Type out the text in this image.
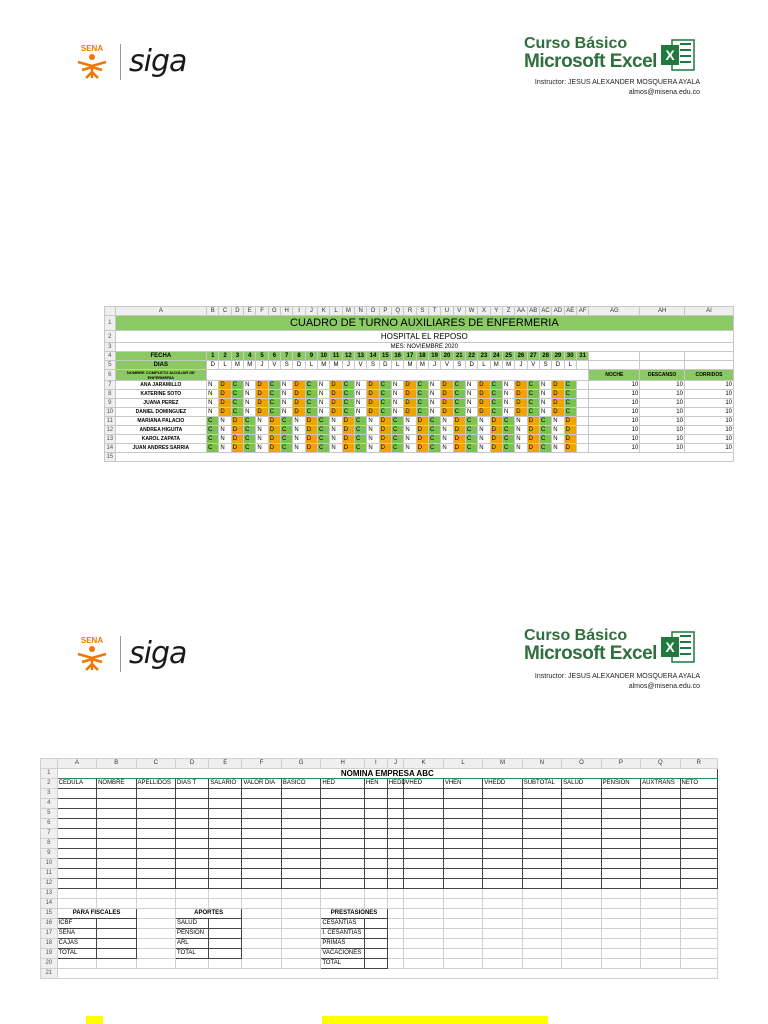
SENA siga
Curso Básico
Microsoft Excel X
Instructor: JESUS ALEXANDER MOSQUERA AYALA
almos@misena.edu.co
	A	B	C	D	E	F	G	H	I	J	K	L	M	N	O	P	Q	R	S	T	U	V	W	X	Y	Z	AA	AB	AC	AD	AE	AF	AG	AH	AI
1	CUADRO DE TURNO AUXILIARES DE ENFERMERIA																																		
2	HOSPITAL EL REPOSO																																		
3	MES: NOVIEMBRE 2020																																		
4	FECHA	1	2	3	4	5	6	7	8	9	10	11	12	13	14	15	16	17	18	19	20	21	22	23	24	25	26	27	28	29	30	31			
5	DIAS	D	L	M	M	J	V	S	D	L	M	M	J	V	S	D	L	M	M	J	V	S	D	L	M	M	J	V	S	D	L				
6	NOMBRE COMPLETO AUXILIAR DE ENFERMERIA																																NOCHE	DESCANSO	CORRIDOS
7	ANA JARAMILLO	N	D	C	N	D	C	N	D	C	N	D	C	N	D	C	N	D	C	N	D	C	N	D	C	N	D	C	N	D	C		10	10	10
8	KATERINE SOTO	N	D	C	N	D	C	N	D	C	N	D	C	N	D	C	N	D	C	N	D	C	N	D	C	N	D	C	N	D	C		10	10	10
9	JUANA PEREZ	N	D	C	N	D	C	N	D	C	N	D	C	N	D	C	N	D	C	N	D	C	N	D	C	N	D	C	N	D	C		10	10	10
10	DANIEL DOMINGUEZ	N	D	C	N	D	C	N	D	C	N	D	C	N	D	C	N	D	C	N	D	C	N	D	C	N	D	C	N	D	C		10	10	10
11	MARIANA PALACIO	C	N	D	C	N	D	C	N	D	C	N	D	C	N	D	C	N	D	C	N	D	C	N	D	C	N	D	C	N	D		10	10	10
12	ANDREA HIGUITA	C	N	D	C	N	D	C	N	D	C	N	D	C	N	D	C	N	D	C	N	D	C	N	D	C	N	D	C	N	D		10	10	10
13	KAROL ZAPATA	C	N	D	C	N	D	C	N	D	C	N	D	C	N	D	C	N	D	C	N	D	C	N	D	C	N	D	C	N	D		10	10	10
14	JUAN ANDRES SARRIA	C	N	D	C	N	D	C	N	D	C	N	D	C	N	D	C	N	D	C	N	D	C	N	D	C	N	D	C	N	D		10	10	10
15																																			
SENA siga
Curso Básico
Microsoft Excel X
Instructor: JESUS ALEXANDER MOSQUERA AYALA
almos@misena.edu.co
	A	B	C	D	E	F	G	H	I	J	K	L	M	N	O	P	Q	R
1	NOMINA EMPRESA ABC																	
2	CEDULA	NOMBRE	APELLIDOS	DIAS T	SALARIO	VALOR DIA	BASICO	HED	HEN	HEDD	VHED	VHEN	VHEDD	SUBTOTAL	SALUD	PENSION	AUXTRANS	NETO
3																		
4																		
5																		
6																		
7																		
8																		
9																		
10																		
11																		
12																		
13																		
14																		
15	PARA FISCALES			APORTES				PRESTASIONES										
16	ICBF			SALUD				CESANTIAS										
17	SENA			PENSION				I. CESANTIAS										
18	CAJAS			ARL				PRIMAS										
19	TOTAL			TOTAL				VACACIONES										
20								TOTAL										
21																		
